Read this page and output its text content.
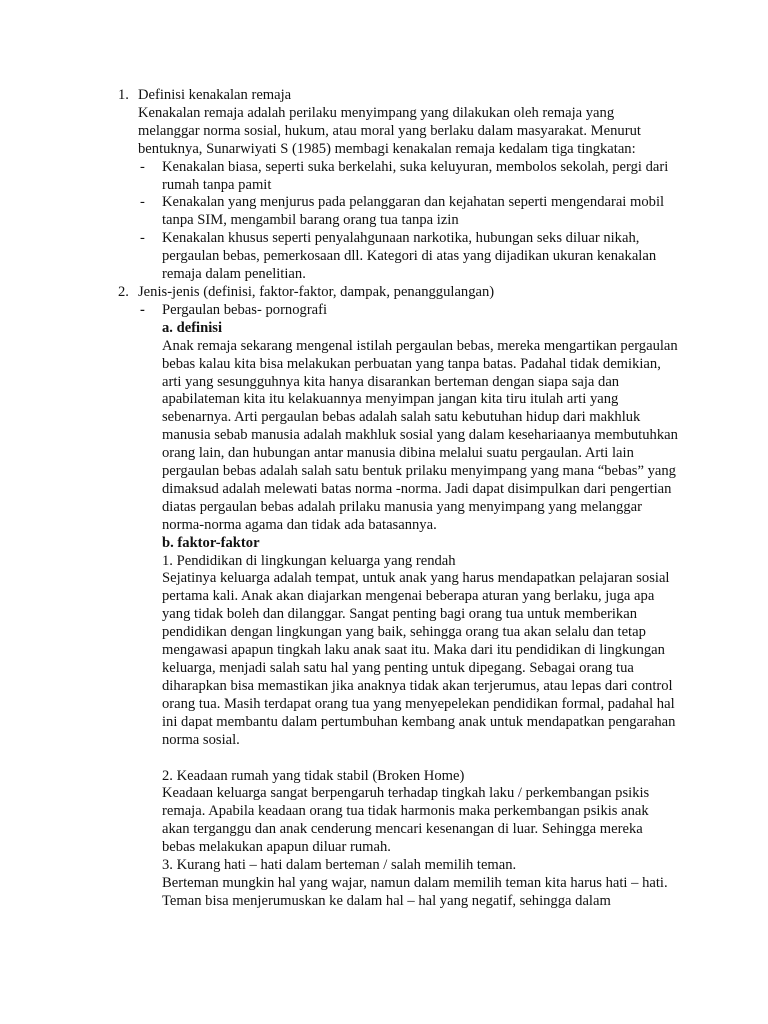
1. Definisi kenakalan remaja
Kenakalan remaja adalah perilaku menyimpang yang dilakukan oleh remaja yang melanggar norma sosial, hukum, atau moral yang berlaku dalam masyarakat. Menurut bentuknya, Sunarwiyati S (1985) membagi kenakalan remaja kedalam tiga tingkatan:
- Kenakalan biasa, seperti suka berkelahi, suka keluyuran, membolos sekolah, pergi dari rumah tanpa pamit
- Kenakalan yang menjurus pada pelanggaran dan kejahatan seperti mengendarai mobil tanpa SIM, mengambil barang orang tua tanpa izin
- Kenakalan khusus seperti penyalahgunaan narkotika, hubungan seks diluar nikah, pergaulan bebas, pemerkosaan dll. Kategori di atas yang dijadikan ukuran kenakalan remaja dalam penelitian.
2. Jenis-jenis (definisi, faktor-faktor, dampak, penanggulangan)
- Pergaulan bebas- pornografi
a. definisi
Anak remaja sekarang mengenal istilah pergaulan bebas, mereka mengartikan pergaulan bebas kalau kita bisa melakukan perbuatan yang tanpa batas. Padahal tidak demikian, arti yang sesungguhnya kita hanya disarankan berteman dengan siapa saja dan apabilateman kita itu kelakuannya menyimpan jangan kita tiru itulah arti yang sebenarnya. Arti pergaulan bebas adalah salah satu kebutuhan hidup dari makhluk manusia sebab manusia adalah makhluk sosial yang dalam kesehariaanya membutuhkan orang lain, dan hubungan antar manusia dibina melalui suatu pergaulan. Arti lain pergaulan bebas adalah salah satu bentuk prilaku menyimpang yang mana “bebas” yang dimaksud adalah melewati batas norma -norma. Jadi dapat disimpulkan dari pengertian diatas pergaulan bebas adalah prilaku manusia yang menyimpang yang melanggar norma-norma agama dan tidak ada batasannya.
b. faktor-faktor
1. Pendidikan di lingkungan keluarga yang rendah
Sejatinya keluarga adalah tempat, untuk anak yang harus mendapatkan pelajaran sosial pertama kali. Anak akan diajarkan mengenai beberapa aturan yang berlaku, juga apa yang tidak boleh dan dilanggar. Sangat penting bagi orang tua untuk memberikan pendidikan dengan lingkungan yang baik, sehingga orang tua akan selalu dan tetap mengawasi apapun tingkah laku anak saat itu. Maka dari itu pendidikan di lingkungan keluarga, menjadi salah satu hal yang penting untuk dipegang. Sebagai orang tua diharapkan bisa memastikan jika anaknya tidak akan terjerumus, atau lepas dari control orang tua. Masih terdapat orang tua yang menyepelekan pendidikan formal, padahal hal ini dapat membantu dalam pertumbuhan kembang anak untuk mendapatkan pengarahan norma sosial.
2. Keadaan rumah yang tidak stabil (Broken Home)
Keadaan keluarga sangat berpengaruh terhadap tingkah laku / perkembangan psikis remaja. Apabila keadaan orang tua tidak harmonis maka perkembangan psikis anak akan terganggu dan anak cenderung mencari kesenangan di luar. Sehingga mereka bebas melakukan apapun diluar rumah.
3. Kurang hati – hati dalam berteman / salah memilih teman.
Berteman mungkin hal yang wajar, namun dalam memilih teman kita harus hati – hati. Teman bisa menjerumuskan ke dalam hal – hal yang negatif, sehingga dalam
